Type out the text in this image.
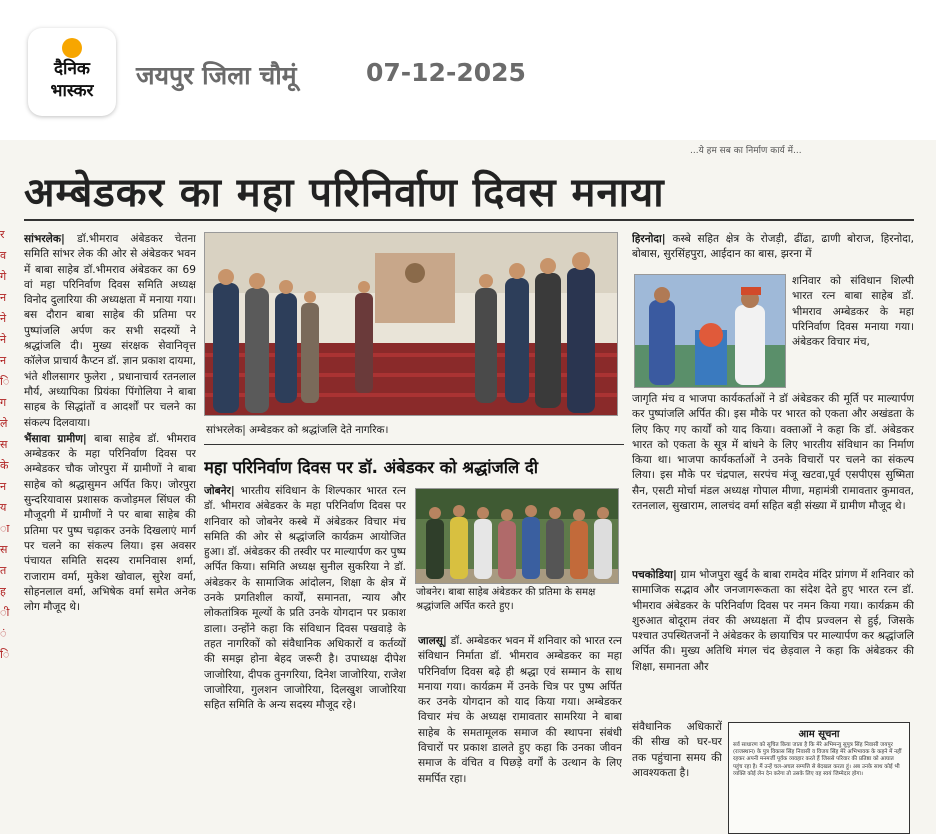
दैनिक
भास्कर
जयपुर जिला चौमूं	07-12-2025
र
व
गे
न
ने
ने
न
ि
ग
ले
स
के
न
य
ा
स
त
ह
ी
ं
ि
...ये हम सब का निर्माण कार्य में...
अम्बेडकर का महा परिनिर्वाण दिवस मनाया

सांभरलेक| डॉ.भीमराव अंबेडकर चेतना समिति सांभर लेक की ओर से अंबेडकर भवन में बाबा साहेब डॉ.भीमराव अंबेडकर का 69 वां महा परिनिर्वाण दिवस समिति अध्यक्ष विनोद दुलारिया की अध्यक्षता में मनाया गया।बस दौरान बाबा साहेब की प्रतिमा पर पुष्पांजलि अर्पण कर सभी सदस्यों ने श्रद्धांजलि दी। मुख्य संरक्षक सेवानिवृत्त कॉलेज प्राचार्य कैप्टन डॉ. ज्ञान प्रकाश दायमा, भंते शीलसागर फुलेरा , प्रधानाचार्य रतनलाल मौर्य, अध्यापिका प्रियंका पिंगोलिया ने बाबा साहब के सिद्धांतों व आदर्शों पर चलने का संकल्प दिलवाया।

भैंसावा ग्रामीण| बाबा साहेब डॉ. भीमराव अम्बेडकर के महा परिनिर्वाण दिवस पर अम्बेडकर चौक जोरपुरा में ग्रामीणों ने बाबा साहेब को श्रद्धासुमन अर्पित किए। जोरपुरा सुन्दरियावास प्रशासक कजोड़मल सिंघल की मौजूदगी में ग्रामीणों ने पर बाबा साहेब की प्रतिमा पर पुष्प चढ़ाकर उनके दिखलाएं मार्ग पर चलने का संकल्प लिया। इस अवसर पंचायत समिति सदस्य रामनिवास शर्मा, राजाराम वर्मा, मुकेश खोवाल, सुरेश वर्मा, सोहनलाल वर्मा, अभिषेक वर्मा समेत अनेक लोग मौजूद थे।

सांभरलेक| अम्बेडकर को श्रद्धांजलि देते नागरिक।
महा परिनिर्वाण दिवस पर डॉ. अंबेडकर को श्रद्धांजलि दी

जोबनेर| भारतीय संविधान के शिल्पकार भारत रत्न डॉ. भीमराव अंबेडकर के महा परिनिर्वाण दिवस पर शनिवार को जोबनेर कस्बे में अंबेडकर विचार मंच समिति की ओर से श्रद्धांजलि कार्यक्रम आयोजित हुआ। डॉ. अंबेडकर की तस्वीर पर माल्यार्पण कर पुष्प अर्पित किया। समिति अध्यक्ष सुनील सुकरिया ने डॉ. अंबेडकर के सामाजिक आंदोलन, शिक्षा के क्षेत्र में उनके प्रगतिशील कार्यों, समानता, न्याय और लोकतांत्रिक मूल्यों के प्रति उनके योगदान पर प्रकाश डाला। उन्होंने कहा कि संविधान दिवस पखवाड़े के तहत नागरिकों को संवैधानिक अधिकारों व कर्तव्यों की समझ होना बेहद जरूरी है। उपाध्यक्ष दीपेश जाजोरिया, दीपक तुनगरिया, दिनेश जाजोरिया, राजेश जाजोरिया, गुलशन जाजोरिया, दिलखुश जाजोरिया सहित समिति के अन्य सदस्य मौजूद रहे।

जोबनेर। बाबा साहेब अंबेडकर की प्रतिमा के समक्ष श्रद्धांजलि अर्पित करते हुए।

जालसू| डॉ. अम्बेडकर भवन में शनिवार को भारत रत्न संविधान निर्माता डॉ. भीमराव अम्बेडकर का महा परिनिर्वाण दिवस बढ़े ही श्रद्धा एवं सम्मान के साथ मनाया गया। कार्यक्रम में उनके चित्र पर पुष्प अर्पित कर उनके योगदान को याद किया गया। अम्बेडकर विचार मंच के अध्यक्ष रामावतार सामरिया ने बाबा साहेब के समतामूलक समाज की स्थापना संबंधी विचारों पर प्रकाश डालते हुए कहा कि उनका जीवन समाज के वंचित व पिछड़े वर्गों के उत्थान के लिए समर्पित रहा।

हिरनोदा| कस्बे सहित क्षेत्र के रोजड़ी, ढींढा, ढाणी बोराज, हिरनोदा, बोबास, सुरसिंहपुरा, आईदान का बास, झरना में

शनिवार को संविधान शिल्पी भारत रत्न बाबा साहेब डॉ. भीमराव अम्बेडकर के महा परिनिर्वाण दिवस मनाया गया। अंबेडकर विचार मंच,

जागृति मंच व भाजपा कार्यकर्ताओं ने डॉ अंबेडकर की मूर्ति पर माल्यार्पण कर पुष्पांजलि अर्पित की। इस मौके पर भारत को एकता और अखंडता के लिए किए गए कार्यों को याद किया। वक्ताओं ने कहा कि डॉ. अंबेडकर भारत को एकता के सूत्र में बांधने के लिए भारतीय संविधान का निर्माण किया था। भाजपा कार्यकर्ताओं ने उनके विचारों पर चलने का संकल्प लिया। इस मौके पर चंद्रपाल, सरपंच मंजू खटवा,पूर्व एसपीएस सुष्मिता सैन, एसटी मोर्चा मंडल अध्यक्ष गोपाल मीणा, महामंत्री रामावतार कुमावत, रतनलाल, सुखाराम, लालचंद वर्मा सहित बड़ी संख्या में ग्रामीण मौजूद थे।

पचकोडिया| ग्राम भोजपुरा खुर्द के बाबा रामदेव मंदिर प्रांगण में शनिवार को सामाजिक सद्भाव और जनजागरूकता का संदेश देते हुए भारत रत्न डॉ. भीमराव अंबेडकर के परिनिर्वाण दिवस पर नमन किया गया। कार्यक्रम की शुरुआत बोदूराम तंवर की अध्यक्षता में दीप प्रज्वलन से हुई, जिसके पश्चात उपस्थितजनों ने अंबेडकर के छायाचित्र पर माल्यार्पण कर श्रद्धांजलि अर्पित की। मुख्य अतिथि मंगल चंद छेड़वाल ने कहा कि अंबेडकर की शिक्षा, समानता और

संवैधानिक अधिकारों की सीख को घर-घर तक पहुंचाना समय की आवश्यकता है।

आम सूचना
सर्व साधारण को सूचित किया जाता है कि मेरे अभिमन्यु सुपुत्र सिंह निवासी जयपुर (राजस्थान) के पुत्र विकास सिंह निवासी व विजय सिंह मेरे अभिभावक के कहने में नहीं रहकर अपनी मनमर्जी पूर्वक व्यवहार करते हैं जिससे परिवार की प्रतिष्ठा को आघात पहुंच रहा है। मैं उन्हें चल-अचल सम्पत्ति से बेदखल करता हूं। अब उनके साथ कोई भी व्यक्ति कोई लेन देन करेगा तो उसके लिए वह स्वयं जिम्मेदार होगा।
